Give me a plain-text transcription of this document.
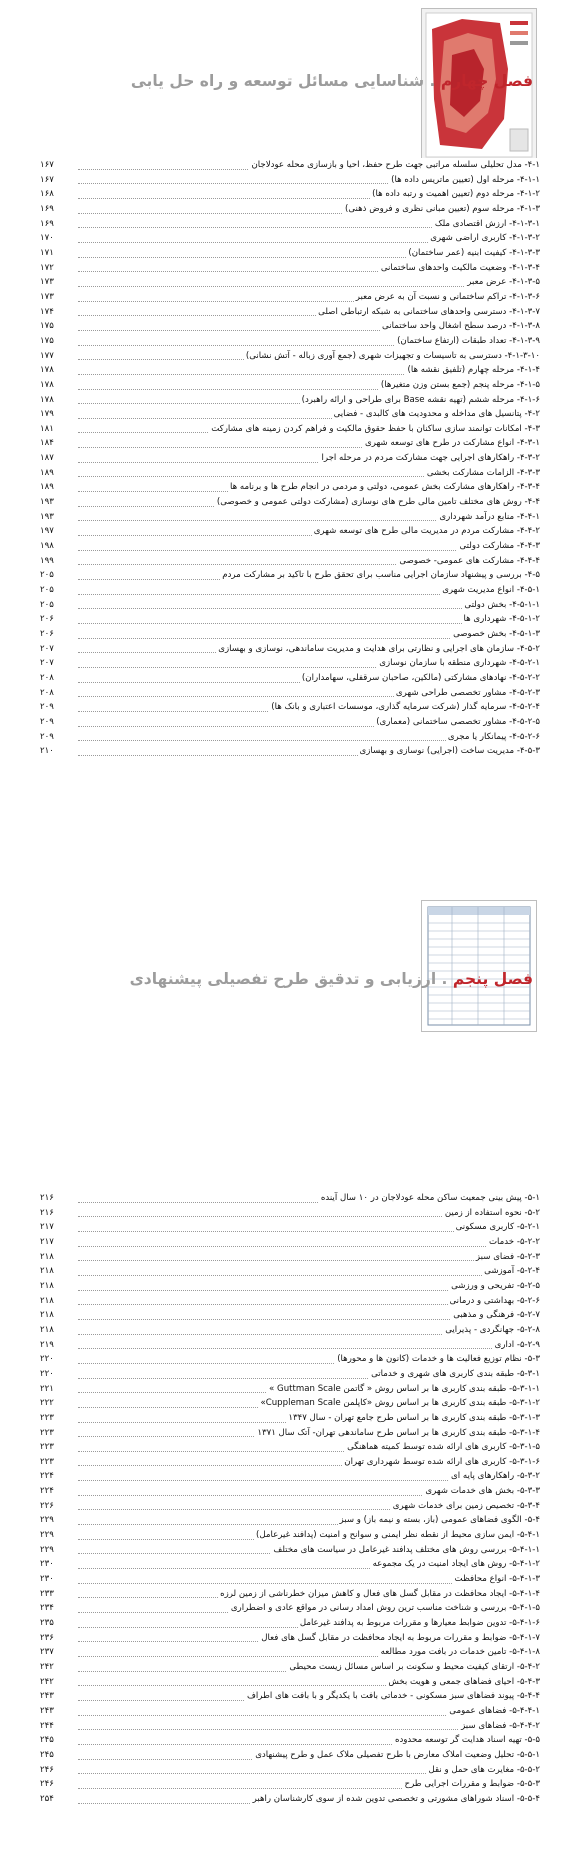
فصل چهارم . شناسایی مسائل توسعه و راه حل یابی
۴-۱- مدل تحلیلی سلسله مراتبی جهت طرح حفظ، احیا و بازسازی محله عودلاجان
۱۶۷
۴-۱-۱- مرحله اول (تعیین ماتریس داده ها)
۱۶۷
۴-۱-۲- مرحله دوم (تعیین اهمیت و رتبه داده ها)
۱۶۸
۴-۱-۳- مرحله سوم (تعیین مبانی نظری و فروض ذهنی)
۱۶۹
۴-۱-۳-۱- ارزش اقتصادی ملک
۱۶۹
۴-۱-۳-۲- کاربری اراضی شهری
۱۷۰
۴-۱-۳-۳- کیفیت ابنیه (عمر ساختمان)
۱۷۱
۴-۱-۳-۴- وضعیت مالکیت واحدهای ساختمانی
۱۷۲
۴-۱-۳-۵- عرض معبر
۱۷۳
۴-۱-۳-۶- تراکم ساختمانی و نسبت آن به عرض معبر
۱۷۳
۴-۱-۳-۷- دسترسی واحدهای ساختمانی به شبکه ارتباطی اصلی
۱۷۴
۴-۱-۳-۸- درصد سطح اشغال واحد ساختمانی
۱۷۵
۴-۱-۳-۹- تعداد طبقات (ارتفاع ساختمان)
۱۷۵
۴-۱-۳-۱۰- دسترسی به تاسیسات و تجهیزات شهری (جمع آوری زباله - آتش نشانی)
۱۷۷
۴-۱-۴- مرحله چهارم (تلفیق نقشه ها)
۱۷۸
۴-۱-۵- مرحله پنجم (جمع بستن وزن متغیرها)
۱۷۸
۴-۱-۶- مرحله ششم (تهیه نقشه Base برای طراحی و ارائه راهبرد)
۱۷۸
۴-۲- پتانسیل های مداخله و محدودیت های کالبدی - فضایی
۱۷۹
۴-۳- امکانات توانمند سازی ساکنان با حفظ حقوق مالکیت و فراهم کردن زمینه های مشارکت
۱۸۱
۴-۳-۱- انواع مشارکت در طرح های توسعه شهری
۱۸۴
۴-۳-۲- راهکارهای اجرایی جهت مشارکت مردم در مرحله اجرا
۱۸۷
۴-۳-۳- الزامات مشارکت بخشی
۱۸۹
۴-۳-۴- راهکارهای مشارکت بخش عمومی، دولتی و مردمی در انجام طرح ها و برنامه ها
۱۸۹
۴-۴- روش های مختلف تامین مالی طرح های نوسازی (مشارکت دولتی عمومی و خصوصی)
۱۹۳
۴-۴-۱- منابع درآمد شهرداری
۱۹۳
۴-۴-۲- مشارکت مردم در مدیریت مالی طرح های توسعه شهری
۱۹۷
۴-۴-۳- مشارکت دولتی
۱۹۸
۴-۴-۴- مشارکت های عمومی- خصوصی
۱۹۹
۴-۵- بررسی و پیشنهاد سازمان اجرایی مناسب برای تحقق طرح با تاکید بر مشارکت مردم
۲۰۵
۴-۵-۱- انواع مدیریت شهری
۲۰۵
۴-۵-۱-۱- بخش دولتی
۲۰۵
۴-۵-۱-۲- شهرداری ها
۲۰۶
۴-۵-۱-۳- بخش خصوصی
۲۰۶
۴-۵-۲- سازمان های اجرایی و نظارتی برای هدایت و مدیریت ساماندهی، نوسازی و بهسازی
۲۰۷
۴-۵-۲-۱- شهرداری منطقه با سازمان نوسازی
۲۰۷
۴-۵-۲-۲- نهادهای مشارکتی (مالکین، صاحبان سرقفلی، سهامداران)
۲۰۸
۴-۵-۲-۳- مشاور تخصصی طراحی شهری
۲۰۸
۴-۵-۲-۴- سرمایه گذار (شرکت سرمایه گذاری، موسسات اعتباری و بانک ها)
۲۰۹
۴-۵-۲-۵- مشاور تخصصی ساختمانی (معماری)
۲۰۹
۴-۵-۲-۶- پیمانکار یا مجری
۲۰۹
۴-۵-۳- مدیریت ساخت (اجرایی) نوسازی و بهسازی
۲۱۰
فصل پنجم . ارزیابی و تدقیق طرح تفصیلی پیشنهادی
۵-۱- پیش بینی جمعیت ساکن محله عودلاجان در ۱۰ سال آینده
۲۱۶
۵-۲- نحوه استفاده از زمین
۲۱۶
۵-۲-۱- کاربری مسکونی
۲۱۷
۵-۲-۲- خدمات
۲۱۷
۵-۲-۳- فضای سبز
۲۱۸
۵-۲-۴- آموزشی
۲۱۸
۵-۲-۵- تفریحی و ورزشی
۲۱۸
۵-۲-۶- بهداشتی و درمانی
۲۱۸
۵-۲-۷- فرهنگی و مذهبی
۲۱۸
۵-۲-۸- جهانگردی - پذیرایی
۲۱۸
۵-۲-۹- اداری
۲۱۹
۵-۳- نظام توزیع فعالیت ها و خدمات (کانون ها و محورها)
۲۲۰
۵-۳-۱- طبقه بندی کاربری های شهری و خدماتی
۲۲۰
۵-۳-۱-۱- طبقه بندی کاربری ها بر اساس روش « گاتمن Guttman Scale »
۲۲۱
۵-۳-۱-۲- طبقه بندی کاربری ها بر اساس روش «کاپلمن Cuppleman Scale»
۲۲۲
۵-۳-۱-۳- طبقه بندی کاربری ها بر اساس طرح جامع تهران - سال ۱۳۴۷
۲۲۳
۵-۳-۱-۴- طبقه بندی کاربری ها بر اساس طرح ساماندهی تهران- آتک سال ۱۳۷۱
۲۲۳
۵-۳-۱-۵- کاربری های ارائه شده توسط کمیته هماهنگی
۲۲۳
۵-۳-۱-۶- کاربری های ارائه شده توسط شهرداری تهران
۲۲۳
۵-۳-۲- راهکارهای پایه ای
۲۲۴
۵-۳-۳- بخش های خدمات شهری
۲۲۴
۵-۳-۴- تخصیص زمین برای خدمات شهری
۲۲۶
۵-۴- الگوی فضاهای عمومی (باز، بسته و نیمه باز) و سبز
۲۲۹
۵-۴-۱- ایمن سازی محیط از نقطه نظر ایمنی و سوانح و امنیت (پدافند غیرعامل)
۲۲۹
۵-۴-۱-۱- بررسی روش های مختلف پدافند غیرعامل در سیاست های مختلف
۲۲۹
۵-۴-۱-۲- روش های ایجاد امنیت در یک مجموعه
۲۳۰
۵-۴-۱-۳- انواع محافظت
۲۳۰
۵-۴-۱-۴- ایجاد محافظت در مقابل گسل های فعال و کاهش میزان خطرناشی از زمین لرزه
۲۳۳
۵-۴-۱-۵- بررسی و شناخت مناسب ترین روش امداد رسانی در مواقع عادی و اضطراری
۲۳۴
۵-۴-۱-۶- تدوین ضوابط معیارها و مقررات مربوط به پدافند غیرعامل
۲۳۵
۵-۴-۱-۷- ضوابط و مقررات مربوط به ایجاد محافظت در مقابل گسل های فعال
۲۳۶
۵-۴-۱-۸- تامین خدمات در بافت مورد مطالعه
۲۳۷
۵-۴-۲- ارتقای کیفیت محیط و سکونت بر اساس مسائل زیست محیطی
۲۴۲
۵-۴-۳- احیای فضاهای جمعی و هویت بخش
۲۴۲
۵-۴-۴- پیوند فضاهای سبز مسکونی - خدماتی بافت با یکدیگر و با بافت های اطراف
۲۴۳
۵-۴-۴-۱- فضاهای عمومی
۲۴۳
۵-۴-۴-۲- فضاهای سبز
۲۴۴
۵-۵- تهیه اسناد هدایت گر توسعه محدوده
۲۴۵
۵-۵-۱- تحلیل وضعیت املاک معارض با طرح تفصیلی ملاک عمل و طرح پیشنهادی
۲۴۵
۵-۵-۲- مغایرت های حمل و نقل
۲۴۶
۵-۵-۳- ضوابط و مقررات اجرایی طرح
۲۴۶
۵-۵-۴- اسناد شوراهای مشورتی و تخصصی تدوین شده از سوی کارشناسان راهبر
۲۵۴
